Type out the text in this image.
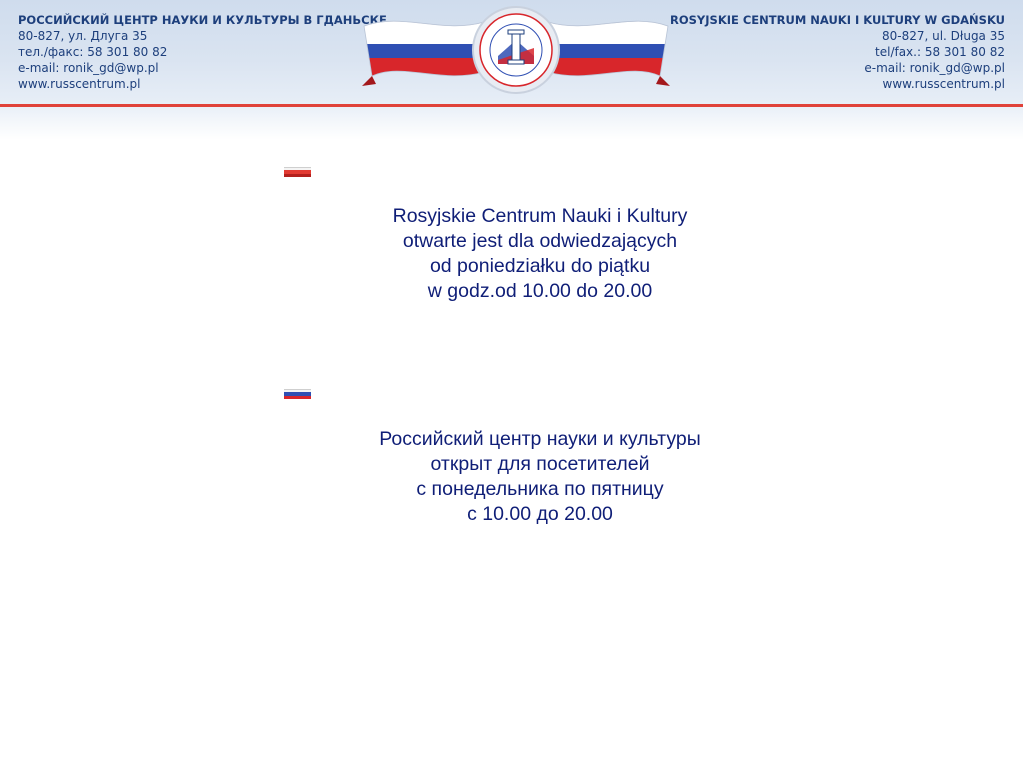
РОССИЙСКИЙ ЦЕНТР НАУКИ И КУЛЬТУРЫ В ГДАНЬСКЕ
80-827, ул. Длуга 35
тел./факс: 58 301 80 82
e-mail: ronik_gd@wp.pl
www.russcentrum.pl
ROSYJSKIE CENTRUM NAUKI I KULTURY W GDAŃSKU
80-827, ul. Długa 35
tel/fax.: 58 301 80 82
e-mail: ronik_gd@wp.pl
www.russcentrum.pl
Rosyjskie Centrum Nauki i Kultury
otwarte jest dla odwiedzających
od poniedziałku do piątku
w godz.od 10.00 do 20.00
Российский центр науки и культуры
открыт для посетителей
с понедельника по пятницу
с 10.00 до 20.00
